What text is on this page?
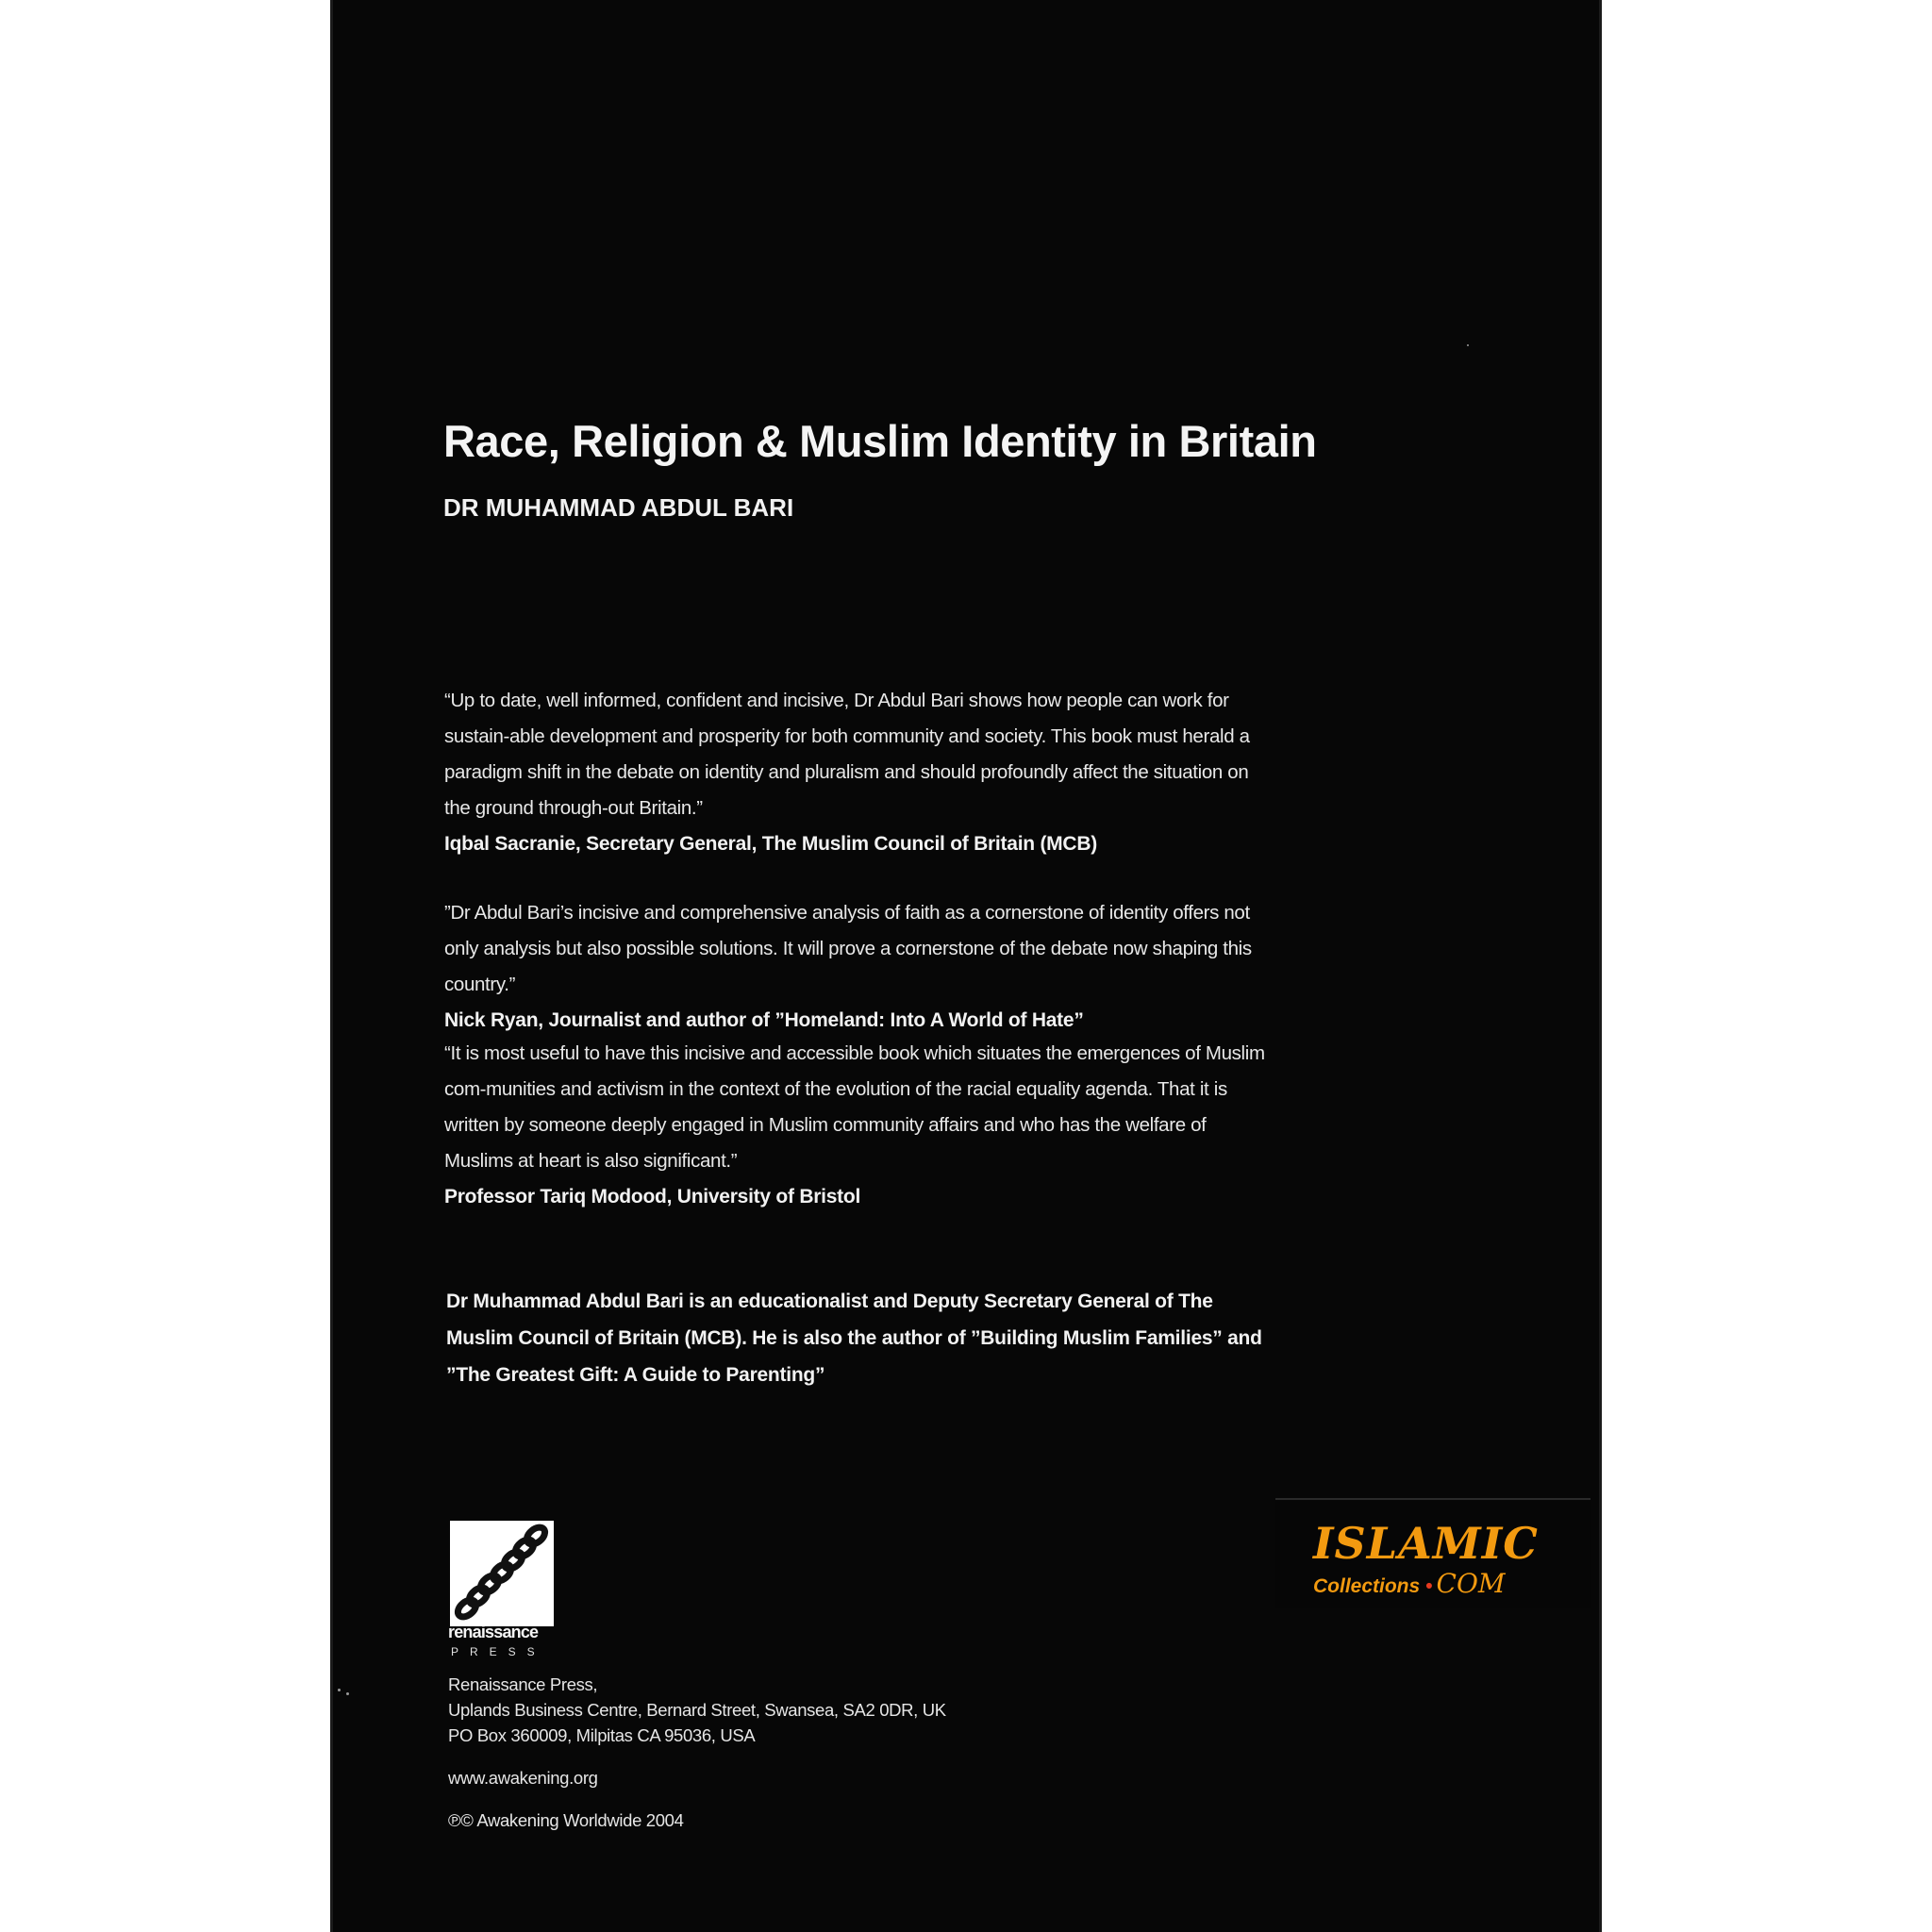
Race, Religion & Muslim Identity in Britain
DR MUHAMMAD ABDUL BARI

“Up to date, well informed, confident and incisive, Dr Abdul Bari shows how people can work for sustain-able development and prosperity for both community and society. This book must herald a paradigm shift in the debate on identity and pluralism and should profoundly affect the situation on the ground through-out Britain.”

Iqbal Sacranie, Secretary General, The Muslim Council of Britain (MCB)

”Dr Abdul Bari’s incisive and comprehensive analysis of faith as a cornerstone of identity offers not only analysis but also possible solutions. It will prove a cornerstone of the debate now shaping this country.”

Nick Ryan, Journalist and author of ”Homeland: Into A World of Hate”

“It is most useful to have this incisive and accessible book which situates the emergences of Muslim com-munities and activism in the context of the evolution of the racial equality agenda. That it is written by someone deeply engaged in Muslim community affairs and who has the welfare of Muslims at heart is also significant.”

Professor Tariq Modood, University of Bristol

Dr Muhammad Abdul Bari is an educationalist and Deputy Secretary General of The Muslim Council of Britain (MCB). He is also the author of ”Building Muslim Families” and ”The Greatest Gift: A Guide to Parenting”

renaissance
PRESS
Renaissance Press,
Uplands Business Centre, Bernard Street, Swansea, SA2 0DR, UK
PO Box 360009, Milpitas CA 95036, USA
www.awakening.org
℗© Awakening Worldwide 2004
ISLAMIC
Collections • COM
